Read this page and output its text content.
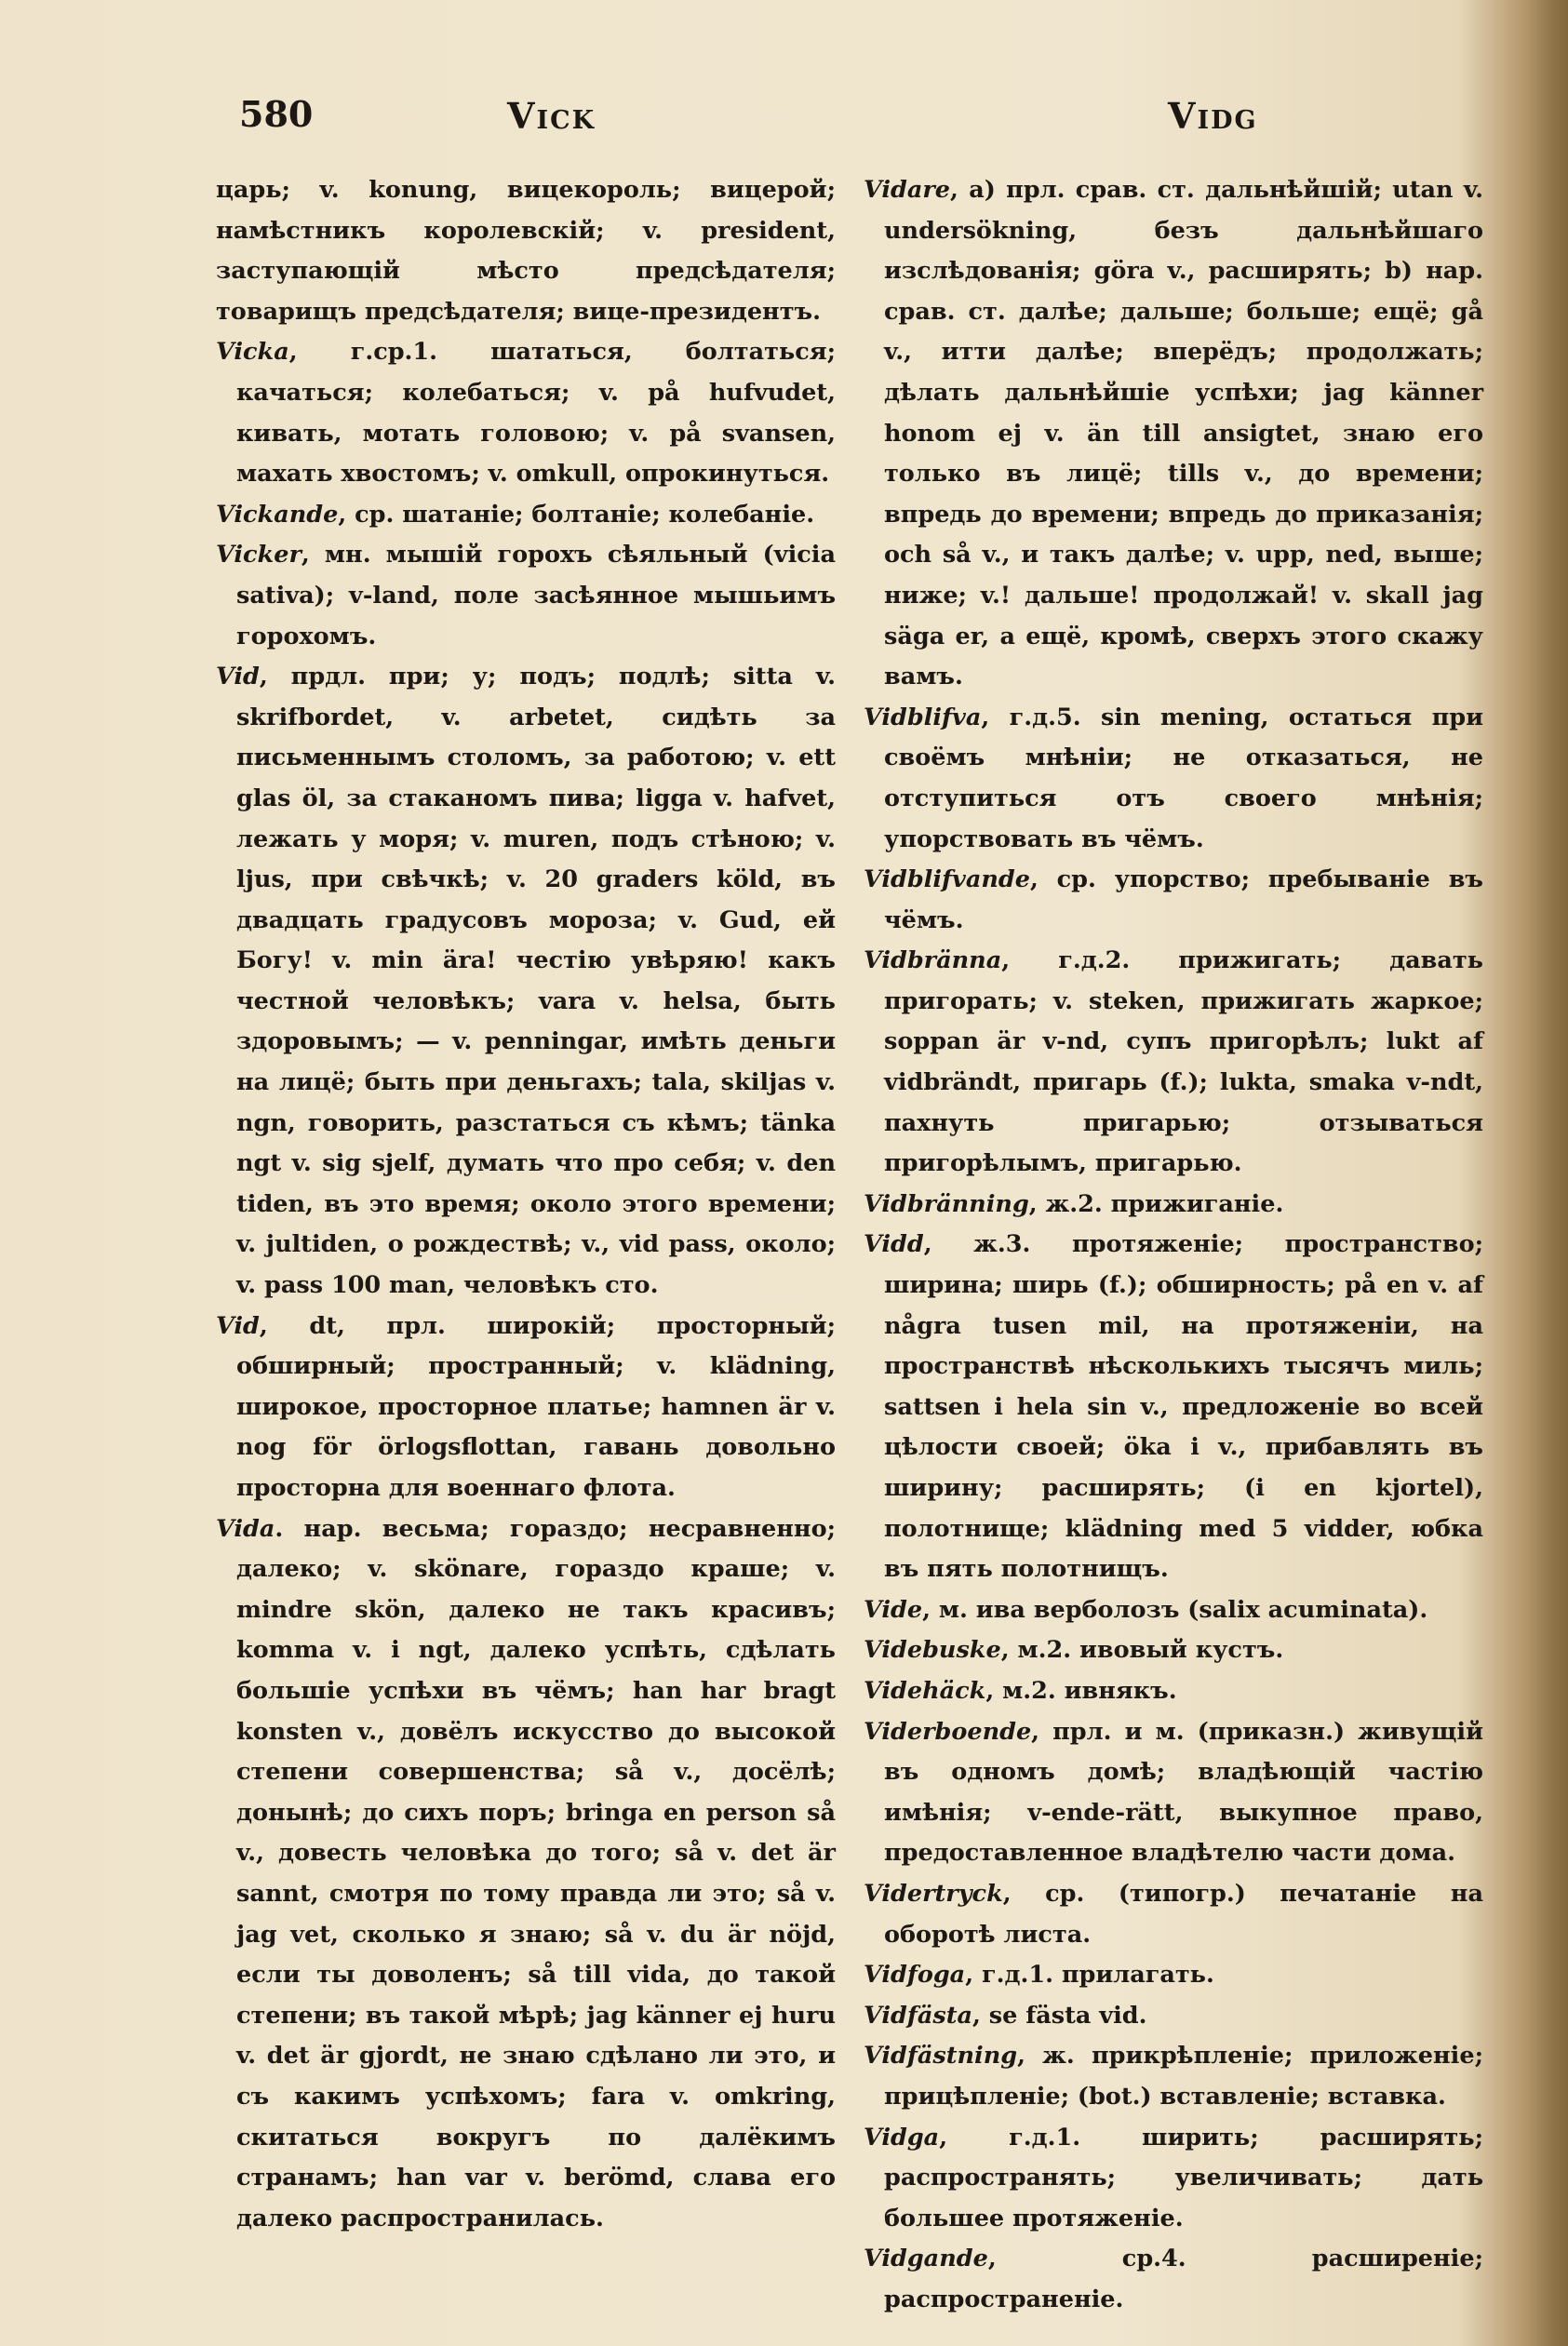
580	Vick	Vidg

царь; v. konung, вицекороль; вицерой; намѣстникъ королевскій; v. president, заступающій мѣсто предсѣдателя; товарищъ предсѣдателя; вице-президентъ.

Vicka, г.ср.1. шататься, болтаться; качаться; колебаться; v. på hufvudet, кивать, мотать головою; v. på svansen, махать хвостомъ; v. omkull, опрокинуться.

Vickande, ср. шатаніе; болтаніе; колебаніе.

Vicker, мн. мышій горохъ сѣяльный (vicia sativa); v-land, поле засѣянное мышьимъ горохомъ.

Vid, прдл. при; у; подъ; подлѣ; sitta v. skrifbordet, v. arbetet, сидѣть за письменнымъ столомъ, за работою; v. ett glas öl, за стаканомъ пива; ligga v. hafvet, лежать у моря; v. muren, подъ стѣною; v. ljus, при свѣчкѣ; v. 20 graders köld, въ двадцать градусовъ мороза; v. Gud, ей Богу! v. min ära! честію увѣряю! какъ честной человѣкъ; vara v. helsa, быть здоровымъ; — v. penningar, имѣть деньги на лицё; быть при деньгахъ; tala, skiljas v. ngn, говорить, разстаться съ кѣмъ; tänka ngt v. sig sjelf, думать что про себя; v. den tiden, въ это время; около этого времени; v. jultiden, о рождествѣ; v., vid pass, около; v. pass 100 man, человѣкъ сто.

Vid, dt, прл. широкій; просторный; обширный; пространный; v. klädning, широкое, просторное платье; hamnen är v. nog för örlogsflottan, гавань довольно просторна для военнаго флота.

Vida. нар. весьма; гораздо; несравненно; далеко; v. skönare, гораздо краше; v. mindre skön, далеко не такъ красивъ; komma v. i ngt, далеко успѣть, сдѣлать большіе успѣхи въ чёмъ; han har bragt konsten v., довёлъ искусство до высокой степени совершенства; så v., досёлѣ; донынѣ; до сихъ поръ; bringa en person så v., довесть человѣка до того; så v. det är sannt, смотря по тому правда ли это; så v. jag vet, сколько я знаю; så v. du är nöjd, если ты доволенъ; så till vida, до такой степени; въ такой мѣрѣ; jag känner ej huru v. det är gjordt, не знаю сдѣлано ли это, и съ какимъ успѣхомъ; fara v. omkring, скитаться вокругъ по далёкимъ странамъ; han var v. berömd, слава его далеко распространилась.

Vidare, a) прл. срав. ст. дальнѣйшій; utan v. undersökning, безъ дальнѣйшаго изслѣдованія; göra v., расширять; b) нар. срав. ст. далѣе; дальше; больше; ещё; gå v., итти далѣе; вперёдъ; продолжать; дѣлать дальнѣйшіе успѣхи; jag känner honom ej v. än till ansigtet, знаю его только въ лицё; tills v., до времени; впредь до времени; впредь до приказанія; och så v., и такъ далѣе; v. upp, ned, выше; ниже; v.! дальше! продолжай! v. skall jag säga er, а ещё, кромѣ, сверхъ этого скажу вамъ.

Vidblifva, г.д.5. sin mening, остаться при своёмъ мнѣніи; не отказаться, не отступиться отъ своего мнѣнія; упорствовать въ чёмъ.

Vidblifvande, ср. упорство; пребываніе въ чёмъ.

Vidbränna, г.д.2. прижигать; давать пригорать; v. steken, прижигать жаркое; soppan är v-nd, супъ пригорѣлъ; lukt af vidbrändt, пригарь (f.); lukta, smaka v-ndt, пахнуть пригарью; отзываться пригорѣлымъ, пригарью.

Vidbränning, ж.2. прижиганіе.

Vidd, ж.3. протяженіе; пространство; ширина; ширь (f.); обширность; på en v. af några tusen mil, на протяженіи, на пространствѣ нѣсколькихъ тысячъ миль; sattsen i hela sin v., предложеніе во всей цѣлости своей; öka i v., прибавлять въ ширину; расширять; (i en kjortel), полотнище; klädning med 5 vidder, юбка въ пять полотнищъ.

Vide, м. ива верболозъ (salix acuminata).

Videbuske, м.2. ивовый кустъ.

Videhäck, м.2. ивнякъ.

Viderboende, прл. и м. (приказн.) живущій въ одномъ домѣ; владѣющій частію имѣнія; v-ende-rätt, выкупное право, предоставленное владѣтелю части дома.

Vidertryck, ср. (типогр.) печатаніе на оборотѣ листа.

Vidfoga, г.д.1. прилагать.

Vidfästa, se fästa vid.

Vidfästning, ж. прикрѣпленіе; приложеніе; прицѣпленіе; (bot.) вставленіе; вставка.

Vidga, г.д.1. ширить; расширять; распространять; увеличивать; дать большее протяженіе.

Vidgande, ср.4. расширеніе; распространеніе.
